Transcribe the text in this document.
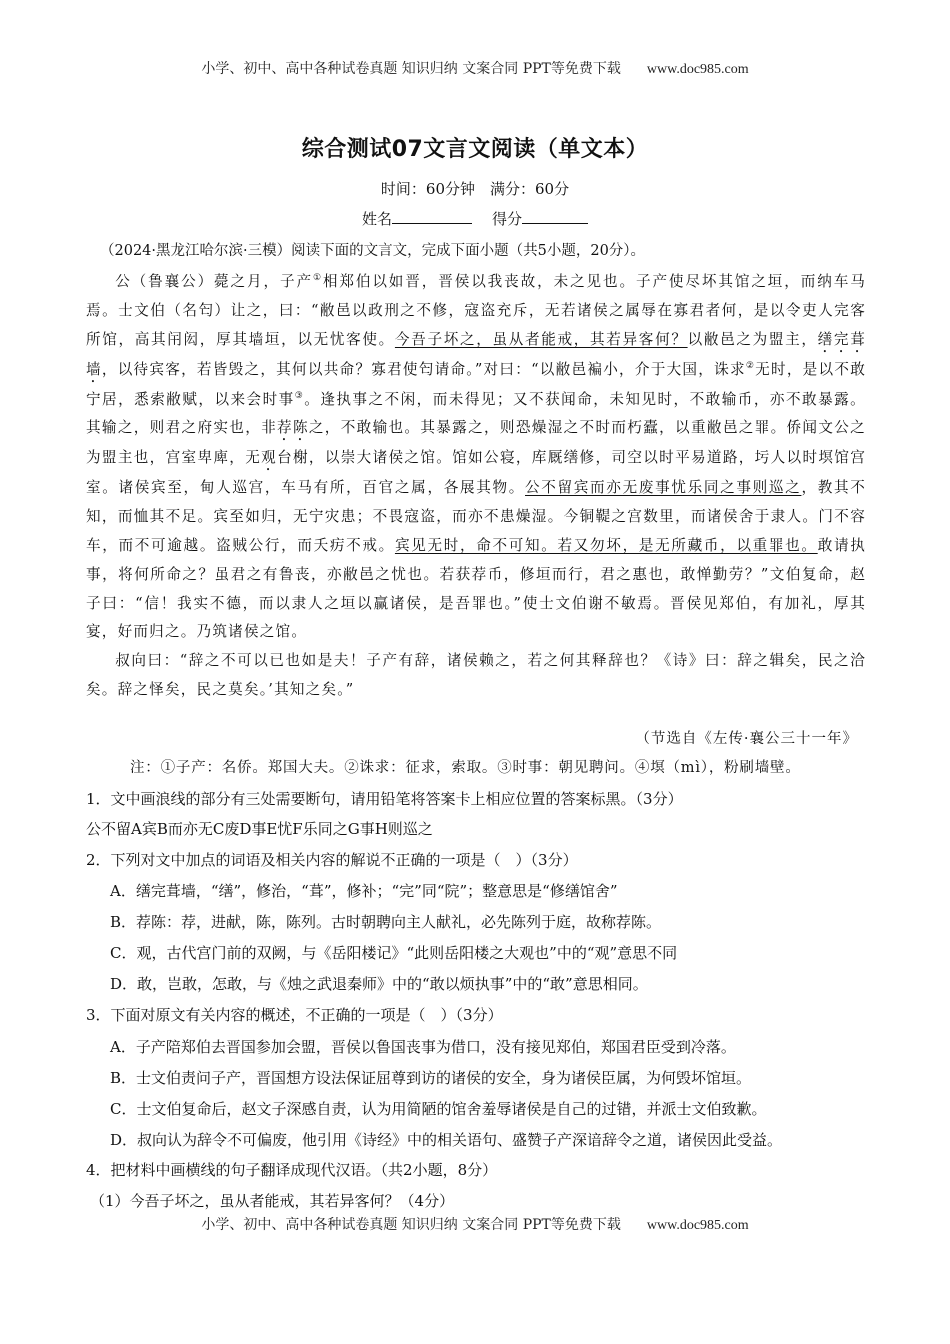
小学、初中、高中各种试卷真题 知识归纳 文案合同 PPT等免费下载 www.doc985.com
综合测试07文言文阅读（单文本）
时间：60分钟　满分：60分
姓名	得分
（2024·黑龙江哈尔滨·三模）阅读下面的文言文，完成下面小题（共5小题，20分）。

公（鲁襄公）薨之月，子产①相郑伯以如晋，晋侯以我丧故，未之见也。子产使尽坏其馆之垣，而纳车马焉。士文伯（名匄）让之，曰：“敝邑以政刑之不修，寇盗充斥，无若诸侯之属辱在寡君者何，是以令吏人完客所馆，高其闬闳，厚其墙垣，以无忧客使。今吾子坏之，虽从者能戒，其若异客何？以敝邑之为盟主，缮完葺墙，以待宾客，若皆毁之，其何以共命？寡君使匄请命。”对曰：“以敝邑褊小，介于大国，诛求②无时，是以不敢宁居，悉索敝赋，以来会时事③。逢执事之不闲，而未得见；又不获闻命，未知见时，不敢输币，亦不敢暴露。其输之，则君之府实也，非荐陈之，不敢输也。其暴露之，则恐燥湿之不时而朽蠹，以重敝邑之罪。侨闻文公之为盟主也，宫室卑庳，无观台榭，以崇大诸侯之馆。馆如公寝，库厩缮修，司空以时平易道路，圬人以时塓馆宫室。诸侯宾至，甸人巡宫，车马有所，百官之属，各展其物。公不留宾而亦无废事忧乐同之事则巡之，教其不知，而恤其不足。宾至如归，无宁灾患；不畏寇盗，而亦不患燥湿。今铜鞮之宫数里，而诸侯舍于隶人。门不容车，而不可逾越。盗贼公行，而夭疠不戒。宾见无时，命不可知。若又勿坏，是无所藏币，以重罪也。敢请执事，将何所命之？虽君之有鲁丧，亦敝邑之忧也。若获荐币，修垣而行，君之惠也，敢惮勤劳？”文伯复命，赵子曰：“信！我实不德，而以隶人之垣以赢诸侯，是吾罪也。”使士文伯谢不敏焉。晋侯见郑伯，有加礼，厚其宴，好而归之。乃筑诸侯之馆。

叔向曰：“辞之不可以已也如是夫！子产有辞，诸侯赖之，若之何其释辞也？《诗》曰：辞之辑矣，民之洽矣。辞之怿矣，民之莫矣。’其知之矣。”

（节选自《左传·襄公三十一年》
注：①子产：名侨。郑国大夫。②诛求：征求，索取。③时事：朝见聘问。④塓（mì），粉刷墙壁。
1．文中画浪线的部分有三处需要断句，请用铅笔将答案卡上相应位置的答案标黑。（3分）
公不留A宾B而亦无C废D事E忧F乐同之G事H则巡之
2．下列对文中加点的词语及相关内容的解说不正确的一项是（　）（3分）
A．缮完葺墙，“缮”，修治，“葺”，修补；“完”同“院”；整意思是“修缮馆舍”
B．荐陈：荐，进献，陈，陈列。古时朝聘向主人献礼，必先陈列于庭，故称荐陈。
C．观，古代宫门前的双阙，与《岳阳楼记》“此则岳阳楼之大观也”中的“观”意思不同
D．敢，岂敢，怎敢，与《烛之武退秦师》中的“敢以烦执事”中的“敢”意思相同。
3．下面对原文有关内容的概述，不正确的一项是（　）（3分）
A．子产陪郑伯去晋国参加会盟，晋侯以鲁国丧事为借口，没有接见郑伯，郑国君臣受到冷落。
B．士文伯责问子产，晋国想方设法保证屈尊到访的诸侯的安全，身为诸侯臣属，为何毁坏馆垣。
C．士文伯复命后，赵文子深感自责，认为用简陋的馆舍羞辱诸侯是自己的过错，并派士文伯致歉。
D．叔向认为辞令不可偏废，他引用《诗经》中的相关语句、盛赞子产深谙辞令之道，诸侯因此受益。
4．把材料中画横线的句子翻译成现代汉语。（共2小题，8分）
（1）今吾子坏之，虽从者能戒，其若异客何？（4分）
小学、初中、高中各种试卷真题 知识归纳 文案合同 PPT等免费下载 www.doc985.com
